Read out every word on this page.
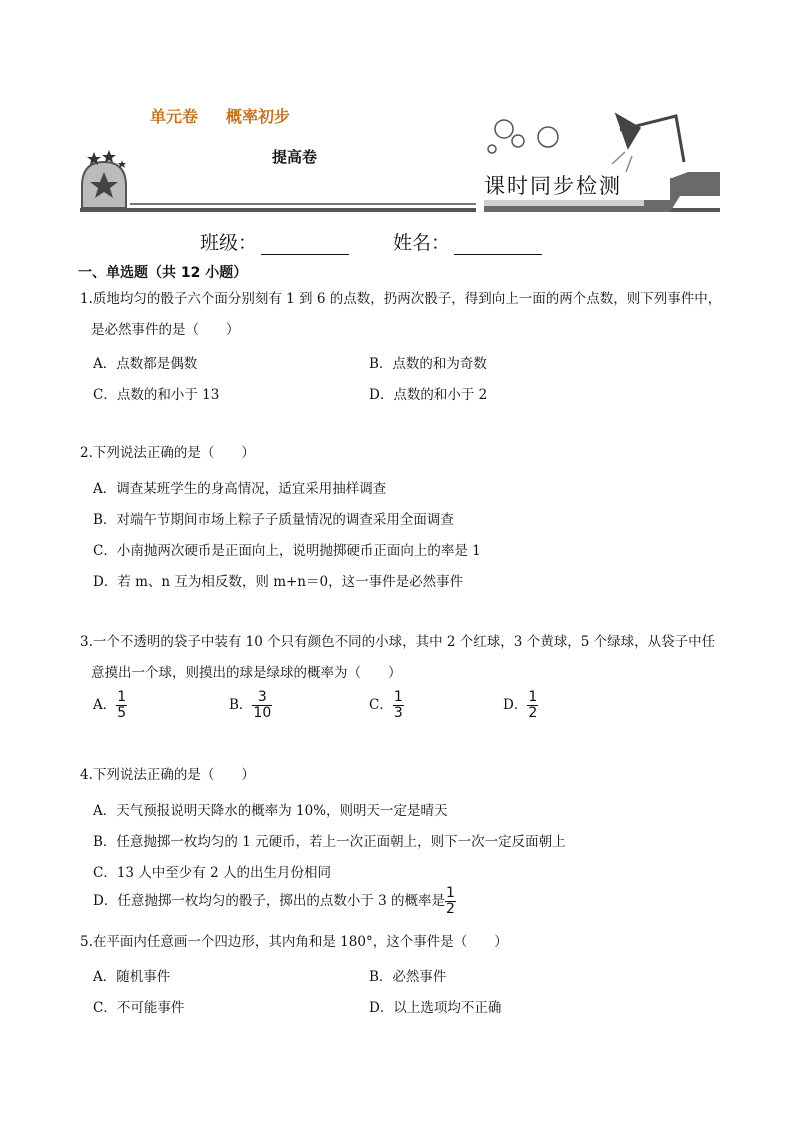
单元卷 概率初步
提高卷
课时同步检测
班级：	姓名：
一、单选题（共 12 小题）
1.质地均匀的骰子六个面分别刻有 1 到 6 的点数，扔两次骰子，得到向上一面的两个点数，则下列事件中，
是必然事件的是（　　）
A．点数都是偶数	B．点数的和为奇数
C．点数的和小于 13	D．点数的和小于 2
2.下列说法正确的是（　　）
A．调查某班学生的身高情况，适宜采用抽样调查
B．对端午节期间市场上粽子子质量情况的调查采用全面调查
C．小南抛两次硬币是正面向上，说明抛掷硬币正面向上的率是 1
D．若 m、n 互为相反数，则 m+n＝0，这一事件是必然事件
3.一个不透明的袋子中装有 10 个只有颜色不同的小球，其中 2 个红球，3 个黄球，5 个绿球，从袋子中任
意摸出一个球，则摸出的球是绿球的概率为（　　）
A． $\frac{1}{5}$	B． $\frac{3}{10}$	C． $\frac{1}{3}$	D． $\frac{1}{2}$
4.下列说法正确的是（　　）
A．天气预报说明天降水的概率为 10%，则明天一定是晴天
B．任意抛掷一枚均匀的 1 元硬币，若上一次正面朝上，则下一次一定反面朝上
C．13 人中至少有 2 人的出生月份相同
D．任意抛掷一枚均匀的骰子，掷出的点数小于 3 的概率是 $\frac{1}{2}$
5.在平面内任意画一个四边形，其内角和是 180°，这个事件是（　　）
A．随机事件	B．必然事件
C．不可能事件	D．以上选项均不正确
